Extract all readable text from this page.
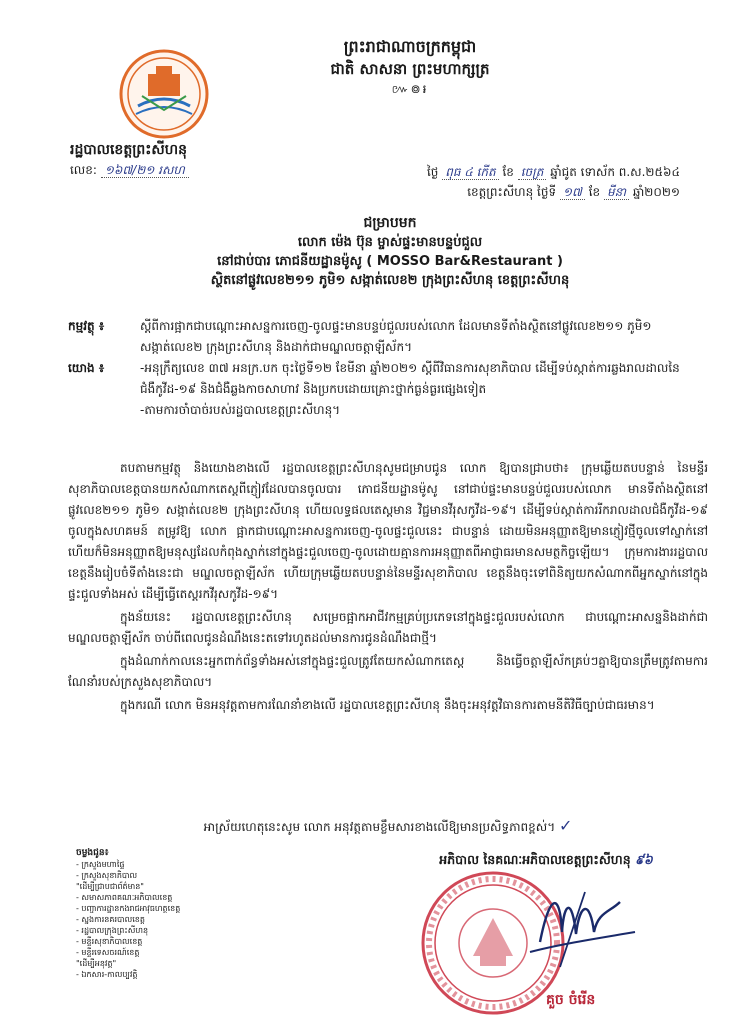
ព្រះរាជាណាចក្រកម្ពុជា
ជាតិ សាសនា ព្រះមហាក្សត្រ
៚៙៛
រដ្ឋបាលខេត្តព្រះសីហនុ
លេខ: ១៦៧/២១ រសហ	ថ្ងៃ ពុធ ៤ កើត ខែ ចេត្រ ឆ្នាំជូត ទោស័ក ព.ស.២៥៦៤
ខេត្តព្រះសីហនុ ថ្ងៃទី ១៧ ខែ មីនា ឆ្នាំ២០២១
ជម្រាបមក
លោក ម៉េង ប៊ុន ម្ចាស់ផ្ទះមានបន្ទប់ជួល
នៅជាប់បារ ភោជនីយដ្ឋានម៉ូសូ ( MOSSO Bar&Restaurant )
ស្ថិតនៅផ្លូវលេខ២១១ ភូមិ១ សង្កាត់លេខ២ ក្រុងព្រះសីហនុ ខេត្តព្រះសីហនុ
កម្មវត្ថុ ៖	ស្តីពីការផ្អាកជាបណ្តោះអាសន្នការចេញ-ចូលផ្ទះមានបន្ទប់ជួលរបស់លោក ដែលមានទីតាំងស្ថិតនៅផ្លូវលេខ២១១ ភូមិ១ សង្កាត់លេខ២ ក្រុងព្រះសីហនុ និងដាក់ជាមណ្ឌលចត្តាឡីស័ក។
យោង ៖	-អនុក្រឹត្យលេខ ៣៧ អនក្រ.បក ចុះថ្ងៃទី១២ ខែមីនា ឆ្នាំ២០២១ ស្តីពីវិធានការសុខាភិបាល ដើម្បីទប់ស្កាត់ការឆ្លងរាលដាលនៃជំងឺកូវីដ-១៩ និងជំងឺឆ្លងកាចសាហាវ និងប្រកបដោយគ្រោះថ្នាក់ធ្ងន់ធ្ងរផ្សេងទៀត
-តាមការចាំបាច់របស់រដ្ឋបាលខេត្តព្រះសីហនុ។

តបតាមកម្មវត្ថុ និងយោងខាងលើ រដ្ឋបាលខេត្តព្រះសីហនុសូមជម្រាបជូន លោក ឱ្យបានជ្រាបថា៖ ក្រុមឆ្លើយតបបន្ទាន់ នៃមន្ទីរសុខាភិបាលខេត្តបានយកសំណាកតេស្តពីភ្ញៀវដែលបានចូលបារ ភោជនីយដ្ឋានម៉ូសូ នៅជាប់ផ្ទះមានបន្ទប់ជួលរបស់លោក មានទីតាំងស្ថិតនៅផ្លូវលេខ២១១ ភូមិ១ សង្កាត់លេខ២ ក្រុងព្រះសីហនុ ហើយលទ្ធផលតេស្តមាន វិជ្ជមានវីរុសកូវីដ-១៩។ ដើម្បីទប់ស្កាត់ការរីករាលដាលជំងឺកូវីដ-១៩ ចូលក្នុងសហគមន៍ តម្រូវឱ្យ លោក ផ្អាកជាបណ្តោះអាសន្នការចេញ-ចូលផ្ទះជួលនេះ ជាបន្ទាន់ ដោយមិនអនុញ្ញាតឱ្យមានភ្ញៀវថ្មីចូលទៅស្នាក់នៅ ហើយក៏មិនអនុញ្ញាតឱ្យមនុស្សដែលកំពុងស្នាក់នៅក្នុងផ្ទះជួលចេញ-ចូលដោយគ្មានការអនុញ្ញាតពីអាជ្ញាធរមានសមត្ថកិច្ចឡើយ។ ក្រុមការងាររដ្ឋបាលខេត្តនឹងរៀបចំទីតាំងនេះជា មណ្ឌលចត្តាឡីស័ក ហើយក្រុមឆ្លើយតបបន្ទាន់នៃមន្ទីរសុខាភិបាល ខេត្តនឹងចុះទៅពិនិត្យយកសំណាកពីអ្នកស្នាក់នៅក្នុងផ្ទះជួលទាំងអស់ ដើម្បីធ្វើតេស្តរកវីរុសកូវីដ-១៩។

ក្នុងន័យនេះ រដ្ឋបាលខេត្តព្រះសីហនុ សម្រេចផ្អាកអាជីវកម្មគ្រប់ប្រភេទនៅក្នុងផ្ទះជួលរបស់លោក ជាបណ្តោះអាសន្ននិងដាក់ជា មណ្ឌលចត្តាឡីស័ក ចាប់ពីពេលជូនដំណឹងនេះតទៅរហូតដល់មានការជូនដំណឹងជាថ្មី។

ក្នុងដំណាក់កាលនេះអ្នកពាក់ព័ន្ធទាំងអស់នៅក្នុងផ្ទះជួលត្រូវតែយកសំណាកតេស្ត និងធ្វើចត្តាឡីស័កគ្រប់ៗគ្នាឱ្យបានត្រឹមត្រូវតាមការណែនាំរបស់ក្រសួងសុខាភិបាល។

ក្នុងករណី លោក មិនអនុវត្តតាមការណែនាំខាងលើ រដ្ឋបាលខេត្តព្រះសីហនុ នឹងចុះអនុវត្តវិធានការតាមនីតិវិធីច្បាប់ជាធរមាន។

អាស្រ័យហេតុនេះសូម លោក អនុវត្តតាមខ្លឹមសារខាងលើឱ្យមានប្រសិទ្ធភាពខ្ពស់។ ✓
ចម្លងជូន៖
- ក្រសួងមហាផ្ទៃ
- ក្រសួងសុខាភិបាល
"ដើម្បីជ្រាបជាព័ត៌មាន"
- សមាសភាពគណៈអភិបាលខេត្ត
- បញ្ជាការដ្ឋានកងរាជអាវុធហត្ថខេត្ត
- ស្នងការនគរបាលខេត្ត
- រដ្ឋបាលក្រុងព្រះសីហនុ
- មន្ទីរសុខាភិបាលខេត្ត
- មន្ទីរទេសចរណ៍ខេត្ត
"ដើម្បីអនុវត្ត"
- ឯកសារ-កាលប្បវត្តិ
អភិបាល នៃគណៈអភិបាលខេត្តព្រះសីហនុ ៩៦
គួច ចំរើន
